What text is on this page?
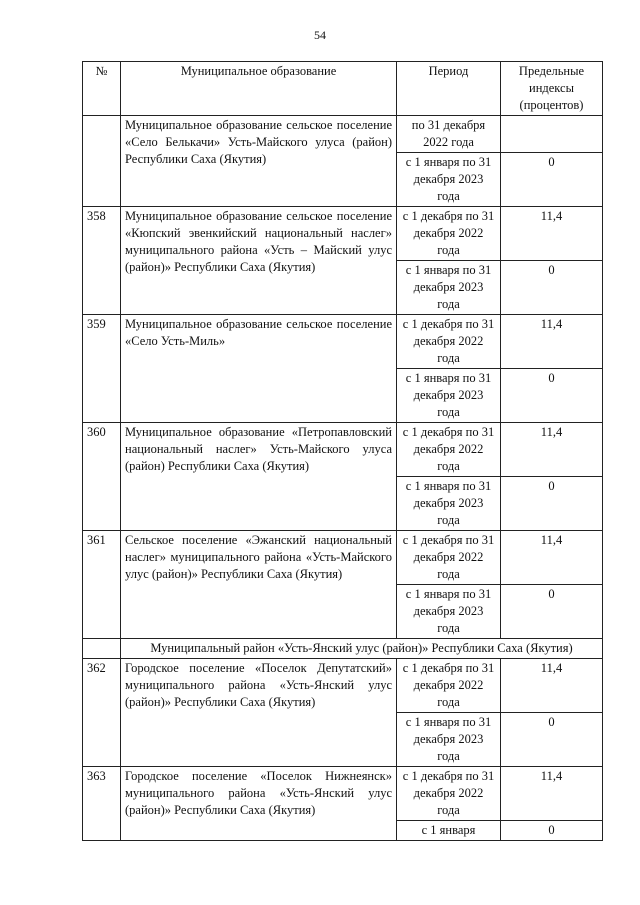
54
№	Муниципальное образование	Период	Предельные индексы (процентов)
	Муниципальное образование сельское поселение «Село Белькачи» Усть-Майского улуса (район) Республики Саха (Якутия)	по 31 декабря 2022 года	
		с 1 января по 31 декабря 2023 года	0
358	Муниципальное образование сельское поселение «Кюпский эвенкийский национальный наслег» муниципального района «Усть – Майский улус (район)» Республики Саха (Якутия)	с 1 декабря по 31 декабря 2022 года	11,4
		с 1 января по 31 декабря 2023 года	0
359	Муниципальное образование сельское поселение «Село Усть-Миль»	с 1 декабря по 31 декабря 2022 года	11,4
		с 1 января по 31 декабря 2023 года	0
360	Муниципальное образование «Петропавловский национальный наслег» Усть-Майского улуса (район) Республики Саха (Якутия)	с 1 декабря по 31 декабря 2022 года	11,4
		с 1 января по 31 декабря 2023 года	0
361	Сельское поселение «Эжанский национальный наслег» муниципального района «Усть-Майского улус (район)» Республики Саха (Якутия)	с 1 декабря по 31 декабря 2022 года	11,4
		с 1 января по 31 декабря 2023 года	0
	Муниципальный район «Усть-Янский улус (район)» Республики Саха (Якутия)		
362	Городское поселение «Поселок Депутатский» муниципального района «Усть-Янский улус (район)» Республики Саха (Якутия)	с 1 декабря по 31 декабря 2022 года	11,4
		с 1 января по 31 декабря 2023 года	0
363	Городское поселение «Поселок Нижнеянск» муниципального района «Усть-Янский улус (район)» Республики Саха (Якутия)	с 1 декабря по 31 декабря 2022 года	11,4
		с 1 января	0
